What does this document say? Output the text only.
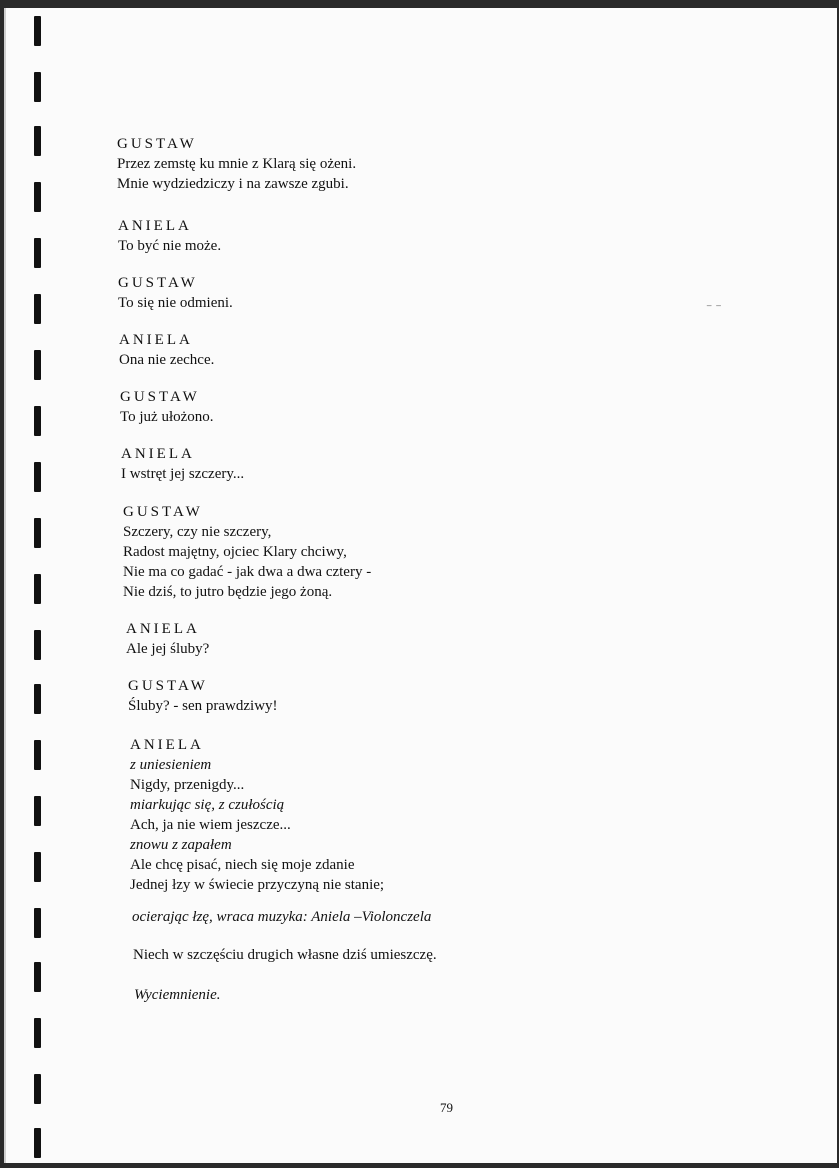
GUSTAW
Przez zemstę ku mnie z Klarą się ożeni.
Mnie wydziedziczy i na zawsze zgubi.
ANIELA
To być nie może.
GUSTAW
To się nie odmieni.
ANIELA
Ona nie zechce.
GUSTAW
To już ułożono.
ANIELA
I wstręt jej szczery...
GUSTAW
Szczery, czy nie szczery,
Radost majętny, ojciec Klary chciwy,
Nie ma co gadać - jak dwa a dwa cztery -
Nie dziś, to jutro będzie jego żoną.
ANIELA
Ale jej śluby?
GUSTAW
Śluby? - sen prawdziwy!
ANIELA
z uniesieniem
Nigdy, przenigdy...
miarkując się, z czułością
Ach, ja nie wiem jeszcze...
znowu z zapałem
Ale chcę pisać, niech się moje zdanie
Jednej łzy w świecie przyczyną nie stanie;
ocierając łzę, wraca muzyka: Aniela –Violonczela
Niech w szczęściu drugich własne dziś umieszczę.
Wyciemnienie.
79
⁻ ⁻
